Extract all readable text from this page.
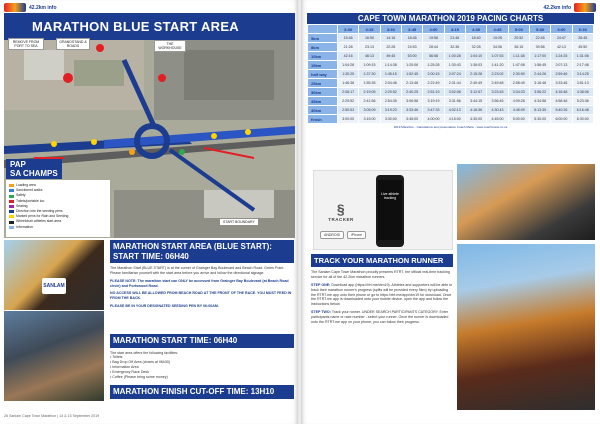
42.2km info
MARATHON BLUE START AREA
REMOVE FROM PORT TO SEA
GRANDSTAND & ROADS
THE WORKHOUSE
PAP
SA CHAMPS
Loading area
Sanctioned walks
Safety
Toilets/portable loo
Seating
Direction into the seeding pens
Marked pens for Rain and Seeding
Wheelchair athletes start area
Information
START BOUNDARY
SANLAM
MARATHON START AREA (BLUE START): START TIME: 06H40
The Marathon Start (BLUE START) is at the corner of Grainger Bay Boulevard and Beach Road, Green Point. Please familiarise yourself with the start area before you arrive and follow the directional signage.
PLEASE NOTE: The marathon start can ONLY be accessed from Grainger Bay Boulevard (at Beach Road circle) and Portswood Road.
NO ACCESS WILL BE ALLOWED FROM BEACH ROAD AT THE FRONT OF THE RACE. YOU MUST FEED IN FROM THE BACK.
PLEASE BE IN YOUR DESIGNATED SEEDING PEN BY 06:00AM.
MARATHON START TIME: 06H40
The start area offers the following facilities:
• Toilets
• Bag Drop Off Area (closes at 06h30)
• Information Area
• Emergency Race Desk
• Coffee (Please bring some money)
MARATHON FINISH CUT-OFF TIME: 13H10
26 Sanlam Cape Town Marathon | 14 & 15 September 2019
42.2km info
CAPE TOWN MARATHON 2019 PACING CHARTS
	3:00	3:15	3:30	3:45	4:00	4:15	4:30	4:45	5:00	5:30	6:00	6:30
5km	15:46	16:50	14:16	18:45	19:56	21:46	18:40	19:26	20:52	22:45	24:47	26:45
8km	21:28	23:13	22:28	24:53	28:44	32:36	32:28	34:06	36:15	39:58	42:13	45:50
10km	42:16	46:13	49:45	53:00	56:58	1:00:28	1:04:10	1:07:53	1:11:38	1:17:00	1:24:25	1:31:06
15km	1:04:28	1:09:15	1:14:38	1:20:06	1:25:28	1:30:43	1:36:03	1:41:20	1:47:08	1:56:45	2:07:13	2:17:46
half way	1:30:25	1:37:30	1:45:15	1:52:45	2:00:15	2:07:24	2:15:28	2:23:02	2:30:50	2:44:26	2:59:46	3:14:25
25km	1:46:38	1:55:35	2:04:46	2:13:48	2:22:49	2:31:44	2:40:49	2:49:48	2:58:49	3:16:48	3:33:46	3:51:13
30km	2:08:17	2:19:05	2:29:52	2:40:25	2:51:19	3:02:08	3:12:57	3:23:45	3:34:33	3:56:22	4:16:48	4:38:06
35km	2:29:52	2:41:56	2:54:35	3:06:58	3:19:19	3:31:56	3:44:15	3:56:45	4:09:28	4:34:58	4:58:48	5:23:36
40km	2:50:53	3:05:09	3:19:23	3:33:46	3:47:33	4:02:13	4:16:36	4:30:43	4:45:09	5:13:35	5:40:26	6:16:48
finish	3:00:00	3:15:00	3:30:00	3:45:00	4:00:00	4:15:00	4:30:00	4:45:00	5:00:00	5:30:00	6:00:00	6:30:00
2019 Marathon - Calculations and presentation Coach Marie - www.coachmarie.co.za
§
TRACKER
Live athlete tracking
ANDROID	iPhone
TRACK YOUR MARATHON RUNNER
The Sanlam Cape Town Marathon proudly presents RTRT, the official real-time tracking service for all of the 42.2km marathon runners.
STEP ONE: Download app (https://rtrt.me/ctm19). Athletes and supporters will be able to track their marathon runner's progress (splits will be provided every 5km) by uploading the RTRT.me app onto their phone or go to https://rtrt.me/app/ctm19 for download. Once the RTRT.me app is downloaded onto your mobile device, open the app and follow the instructions below.
STEP TWO: Track your runner. UNDER SEARCH PARTICIPANTS CATEGORY. Enter participants name or race number - select your runner. Once the runner is downloaded onto the RTRT.me app on your phone, you can follow their progress.
